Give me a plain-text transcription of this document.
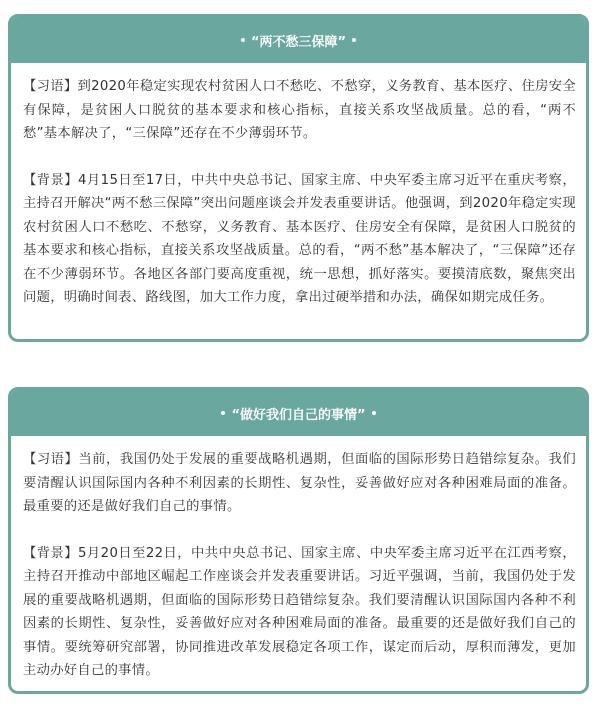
“两不愁三保障”

【习语】到2020年稳定实现农村贫困人口不愁吃、不愁穿，义务教育、基本医疗、住房安全有保障，是贫困人口脱贫的基本要求和核心指标，直接关系攻坚战质量。总的看，“两不愁”基本解决了，“三保障”还存在不少薄弱环节。

【背景】4月15日至17日，中共中央总书记、国家主席、中央军委主席习近平在重庆考察，主持召开解决“两不愁三保障”突出问题座谈会并发表重要讲话。他强调，到2020年稳定实现农村贫困人口不愁吃、不愁穿，义务教育、基本医疗、住房安全有保障，是贫困人口脱贫的基本要求和核心指标，直接关系攻坚战质量。总的看，“两不愁”基本解决了，“三保障”还存在不少薄弱环节。各地区各部门要高度重视，统一思想，抓好落实。要摸清底数，聚焦突出问题，明确时间表、路线图，加大工作力度，拿出过硬举措和办法，确保如期完成任务。

“做好我们自己的事情”

【习语】当前，我国仍处于发展的重要战略机遇期，但面临的国际形势日趋错综复杂。我们要清醒认识国际国内各种不利因素的长期性、复杂性，妥善做好应对各种困难局面的准备。最重要的还是做好我们自己的事情。

【背景】5月20日至22日，中共中央总书记、国家主席、中央军委主席习近平在江西考察，主持召开推动中部地区崛起工作座谈会并发表重要讲话。习近平强调，当前，我国仍处于发展的重要战略机遇期，但面临的国际形势日趋错综复杂。我们要清醒认识国际国内各种不利因素的长期性、复杂性，妥善做好应对各种困难局面的准备。最重要的还是做好我们自己的事情。要统筹研究部署，协同推进改革发展稳定各项工作，谋定而后动，厚积而薄发，更加主动办好自己的事情。
